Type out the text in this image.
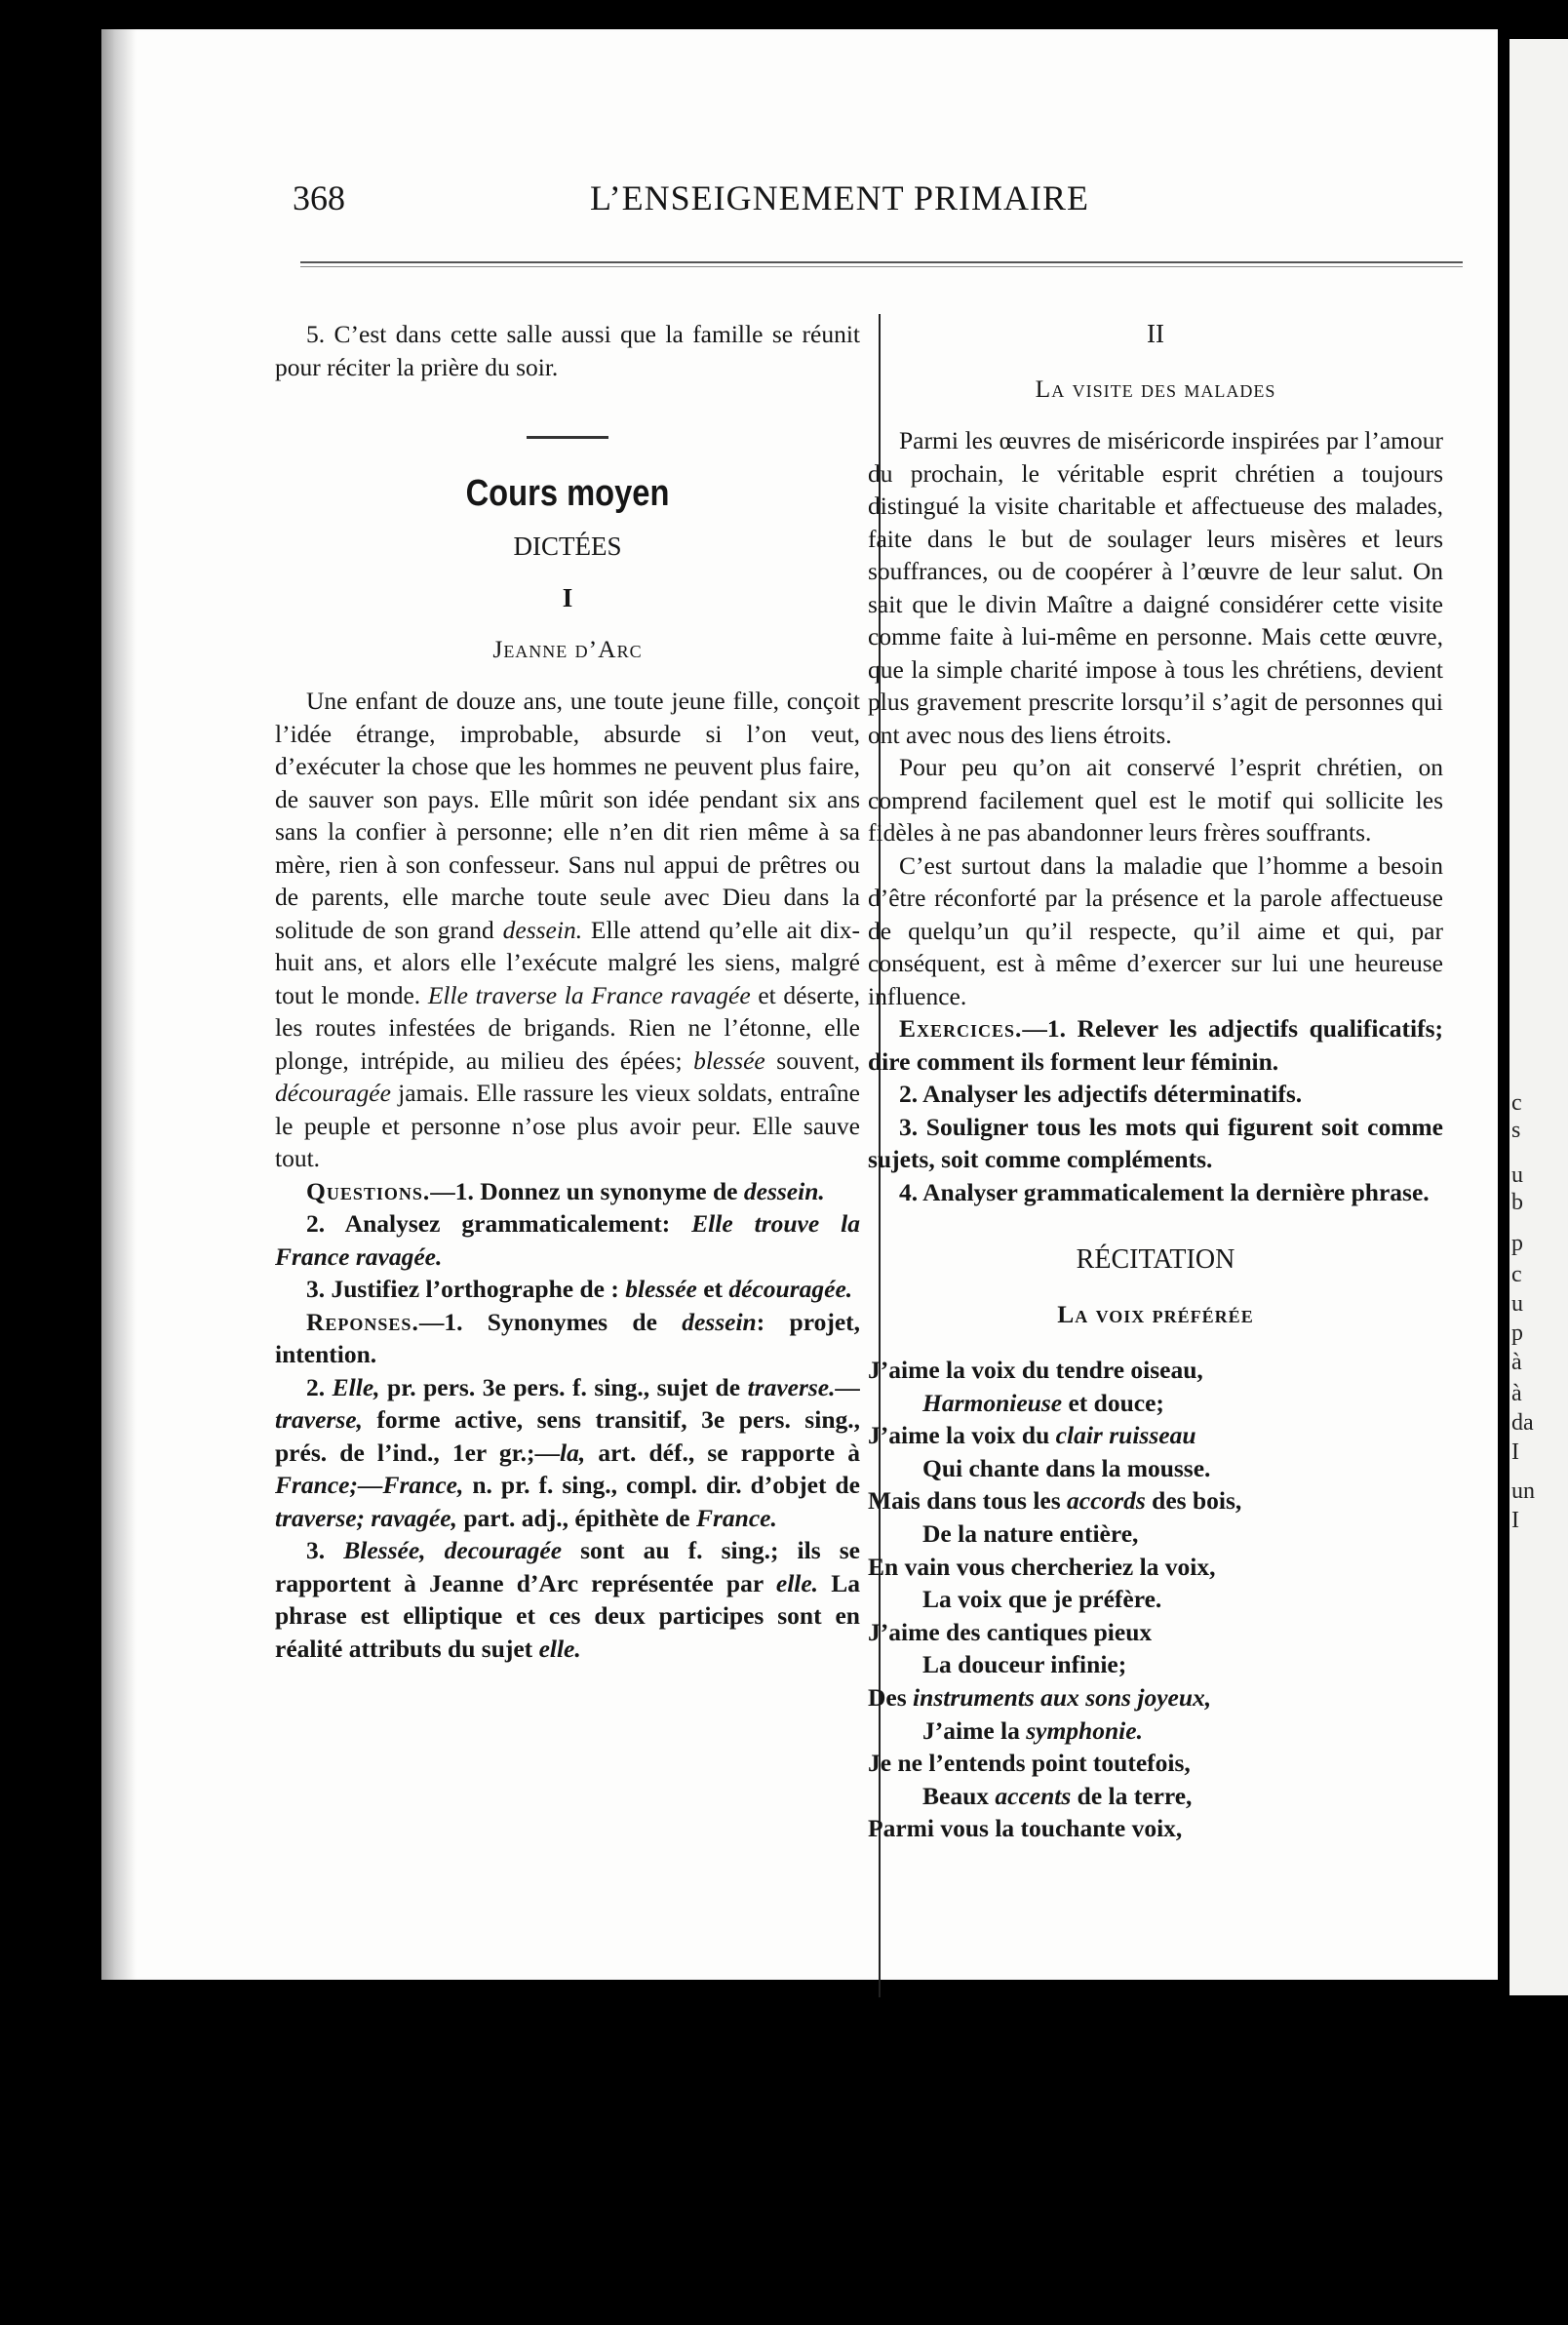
c
s
u
b
p
c
u
p
à
à
da
I
un
I
368	L’ENSEIGNEMENT PRIMAIRE

5. C’est dans cette salle aussi que la famille se réunit pour réciter la prière du soir.

Cours moyen
DICTÉES
I
Jeanne d’Arc

Une enfant de douze ans, une toute jeune fille, conçoit l’idée étrange, improbable, absurde si l’on veut, d’exécuter la chose que les hommes ne peuvent plus faire, de sauver son pays. Elle mûrit son idée pendant six ans sans la confier à personne; elle n’en dit rien même à sa mère, rien à son confesseur. Sans nul appui de prêtres ou de parents, elle marche toute seule avec Dieu dans la solitude de son grand dessein. Elle attend qu’elle ait dix-huit ans, et alors elle l’exécute malgré les siens, malgré tout le monde. Elle traverse la France ravagée et déserte, les routes infestées de brigands. Rien ne l’étonne, elle plonge, intrépide, au milieu des épées; blessée souvent, découragée jamais. Elle rassure les vieux soldats, entraîne le peuple et personne n’ose plus avoir peur. Elle sauve tout.

Questions.—1. Donnez un synonyme de dessein.

2. Analysez grammaticalement: Elle trouve la France ravagée.

3. Justifiez l’orthographe de : blessée et découragée.

Reponses.—1. Synonymes de dessein: projet, intention.

2. Elle, pr. pers. 3e pers. f. sing., sujet de traverse.—traverse, forme active, sens transitif, 3e pers. sing., prés. de l’ind., 1er gr.;—la, art. déf., se rapporte à France;—France, n. pr. f. sing., compl. dir. d’objet de traverse; ravagée, part. adj., épithète de France.

3. Blessée, decouragée sont au f. sing.; ils se rapportent à Jeanne d’Arc représentée par elle. La phrase est elliptique et ces deux participes sont en réalité attributs du sujet elle.

II
La visite des malades

Parmi les œuvres de miséricorde inspirées par l’amour du prochain, le véritable esprit chrétien a toujours distingué la visite charitable et affectueuse des malades, faite dans le but de soulager leurs misères et leurs souffrances, ou de coopérer à l’œuvre de leur salut. On sait que le divin Maître a daigné considérer cette visite comme faite à lui-même en personne. Mais cette œuvre, que la simple charité impose à tous les chrétiens, devient plus gravement prescrite lorsqu’il s’agit de personnes qui ont avec nous des liens étroits.

Pour peu qu’on ait conservé l’esprit chrétien, on comprend facilement quel est le motif qui sollicite les fidèles à ne pas abandonner leurs frères souffrants.

C’est surtout dans la maladie que l’homme a besoin d’être réconforté par la présence et la parole affectueuse de quelqu’un qu’il respecte, qu’il aime et qui, par conséquent, est à même d’exercer sur lui une heureuse influence.

Exercices.—1. Relever les adjectifs qualificatifs; dire comment ils forment leur féminin.

2. Analyser les adjectifs déterminatifs.

3. Souligner tous les mots qui figurent soit comme sujets, soit comme compléments.

4. Analyser grammaticalement la dernière phrase.

RÉCITATION
La voix préférée
J’aime la voix du tendre oiseau,
Harmonieuse et douce;
J’aime la voix du clair ruisseau
Qui chante dans la mousse.
Mais dans tous les accords des bois,
De la nature entière,
En vain vous chercheriez la voix,
La voix que je préfère.
J’aime des cantiques pieux
La douceur infinie;
Des instruments aux sons joyeux,
J’aime la symphonie.
Je ne l’entends point toutefois,
Beaux accents de la terre,
Parmi vous la touchante voix,
